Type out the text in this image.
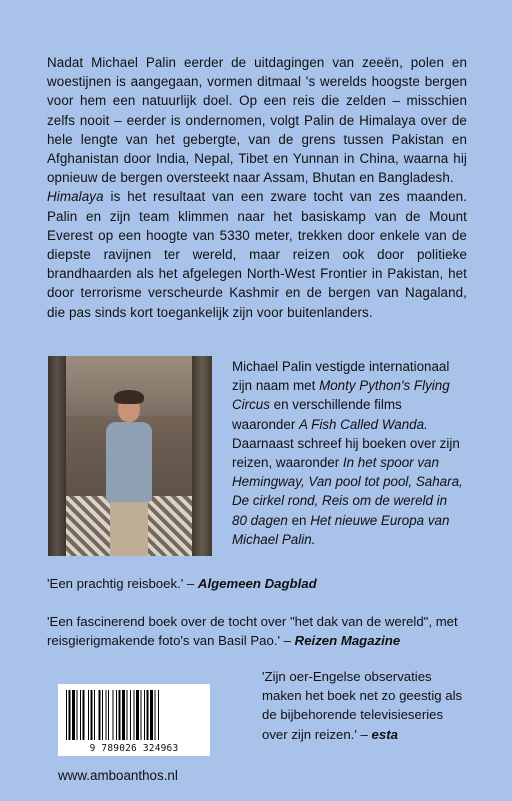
Nadat Michael Palin eerder de uitdagingen van zeeën, polen en woestijnen is aangegaan, vormen ditmaal 's werelds hoogste bergen voor hem een natuurlijk doel. Op een reis die zelden – misschien zelfs nooit – eerder is ondernomen, volgt Palin de Himalaya over de hele lengte van het gebergte, van de grens tussen Pakistan en Afghanistan door India, Nepal, Tibet en Yunnan in China, waarna hij opnieuw de bergen oversteekt naar Assam, Bhutan en Bangladesh.

Himalaya is het resultaat van een zware tocht van zes maanden. Palin en zijn team klimmen naar het basiskamp van de Mount Everest op een hoogte van 5330 meter, trekken door enkele van de diepste ravijnen ter wereld, maar reizen ook door politieke brandhaarden als het afgelegen North-West Frontier in Pakistan, het door terrorisme verscheurde Kashmir en de bergen van Nagaland, die pas sinds kort toegankelijk zijn voor buitenlanders.

Michael Palin vestigde internationaal zijn naam met Monty Python's Flying Circus en verschillende films waaronder A Fish Called Wanda. Daarnaast schreef hij boeken over zijn reizen, waaronder In het spoor van Hemingway, Van pool tot pool, Sahara, De cirkel rond, Reis om de wereld in 80 dagen en Het nieuwe Europa van Michael Palin.
'Een prachtig reisboek.' – Algemeen Dagblad
'Een fascinerend boek over de tocht over "het dak van de wereld", met reisgierigmakende foto's van Basil Pao.' – Reizen Magazine
'Zijn oer-Engelse observaties maken het boek net zo geestig als de bijbehorende televisieseries over zijn reizen.' – esta
9 789026 324963
www.amboanthos.nl
